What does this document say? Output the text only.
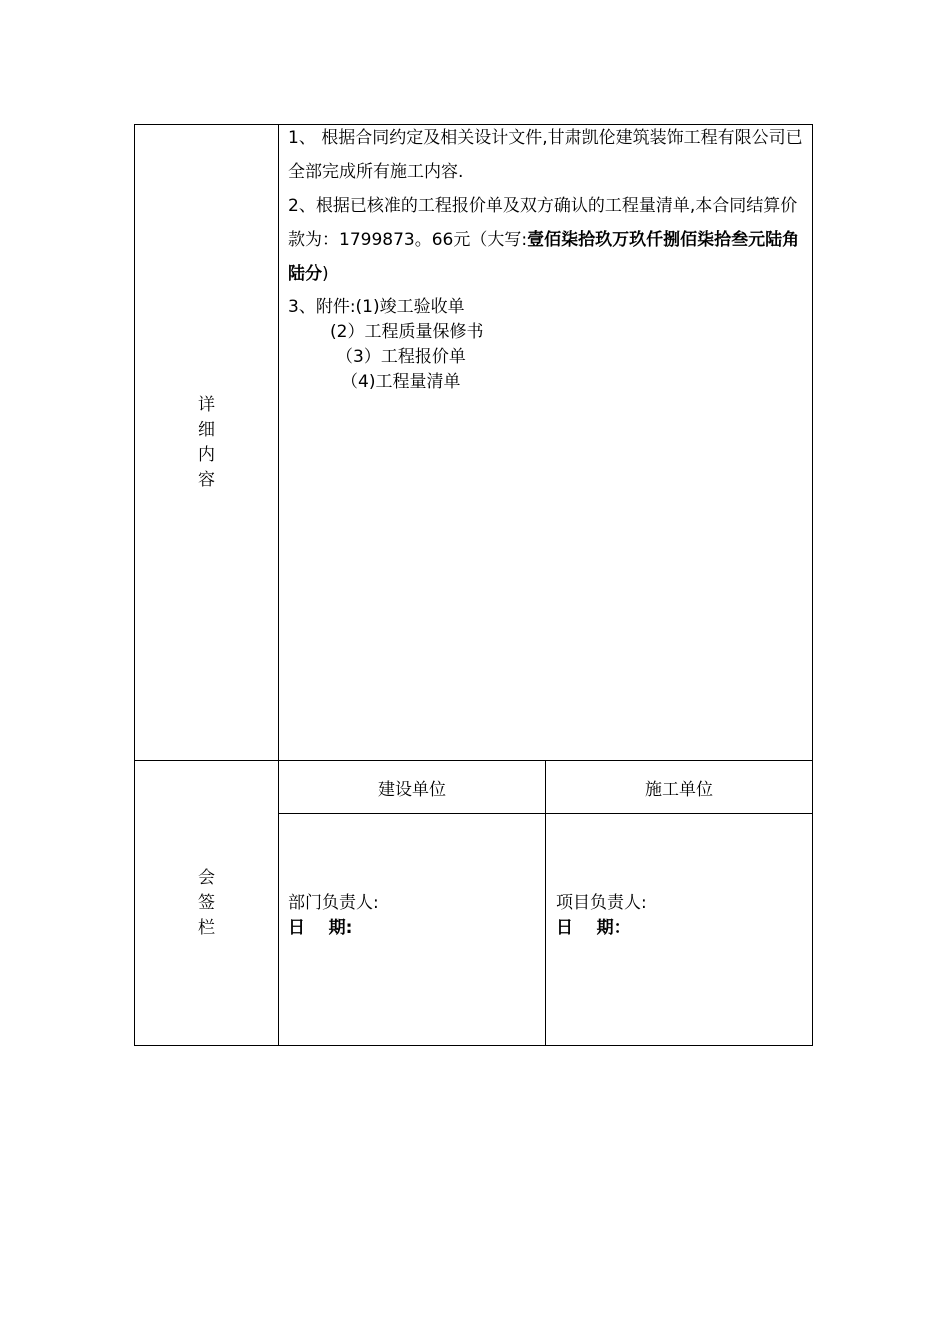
详细内容

1、 根据合同约定及相关设计文件,甘肃凯伦建筑装饰工程有限公司已全部完成所有施工内容.

2、根据已核准的工程报价单及双方确认的工程量清单,本合同结算价款为：1799873。66元（大写:壹佰柒拾玖万玖仟捌佰柒拾叁元陆角陆分)

3、附件:(1)竣工验收单
(2）工程质量保修书
（3）工程报价单
（4)工程量清单
会签栏
建设单位
部门负责人:
日    期:
施工单位
项目负责人:
日    期：
